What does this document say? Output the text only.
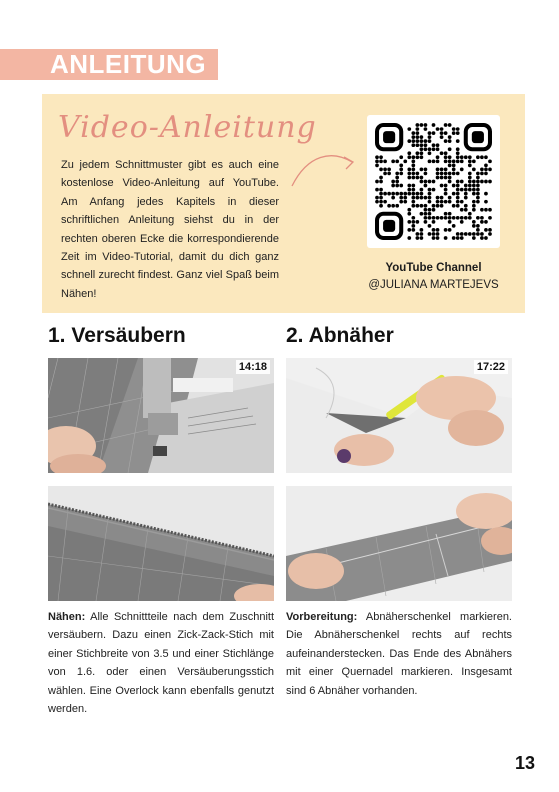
ANLEITUNG
Video-Anleitung

Zu jedem Schnittmuster gibt es auch eine kostenlose Video-Anleitung auf YouTube. Am Anfang jedes Kapitels in dieser schriftlichen Anleitung siehst du in der rechten oberen Ecke die korrespondierende Zeit im Video-Tutorial, damit du dich ganz schnell zurecht findest. Ganz viel Spaß beim Nähen!

YouTube Channel
@JULIANA MARTEJEVS
1. Versäubern	2. Abnäher
14:18	17:22

Nähen: Alle Schnittteile nach dem Zuschnitt versäubern. Dazu einen Zick-Zack-Stich mit einer Stichbreite von 3.5 und einer Stichlänge von 1.6. oder einen Versäuberungsstich wählen. Eine Overlock kann ebenfalls genutzt werden.

Vorbereitung: Abnäherschenkel markieren. Die Abnäherschenkel rechts auf rechts aufeinanderstecken. Das Ende des Abnähers mit einer Quernadel markieren. Insgesamt sind 6 Abnäher vorhanden.

13
